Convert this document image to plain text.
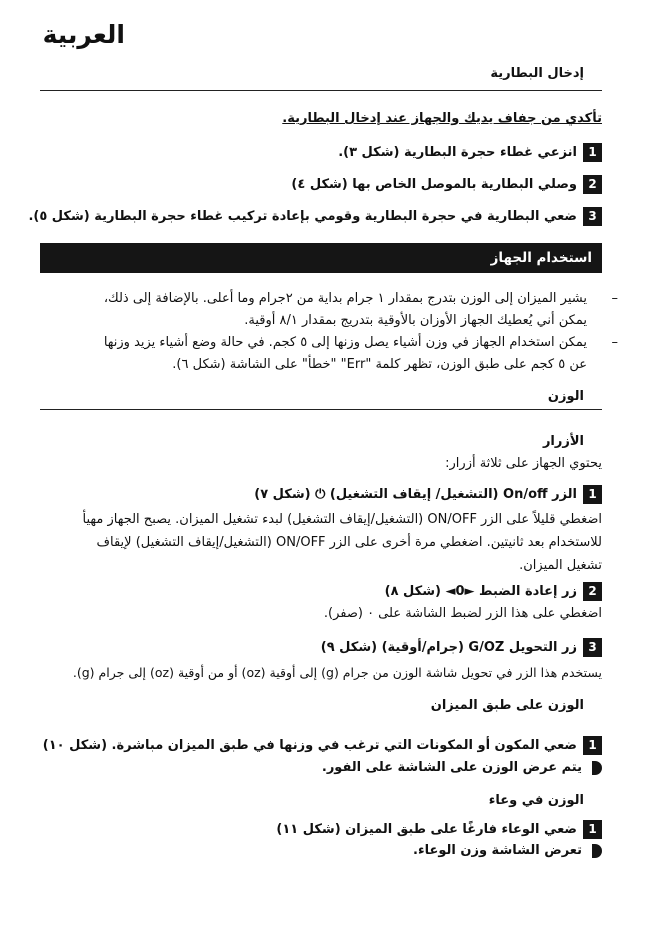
العربية
إدخال البطارية
تأكدي من جفاف يديك والجهاز عند إدخال البطارية.
1انزعي غطاء حجرة البطارية (شكل ٣).
2وصلي البطارية بالموصل الخاص بها (شكل ٤)
3ضعي البطارية في حجرة البطارية وقومي بإعادة تركيب غطاء حجرة البطارية (شكل ٥).
استخدام الجهاز
–
يشير الميزان إلى الوزن بتدرج بمقدار ١ جرام بداية من ٢جرام وما أعلى. بالإضافة إلى ذلك،
يمكن أني يُعطيك الجهاز الأوزان بالأوقية بتدريج بمقدار ٨/١ أوقية.
–
يمكن استخدام الجهاز في وزن أشياء يصل وزنها إلى ٥ كجم. في حالة وضع أشياء يزيد وزنها
عن ٥ كجم على طبق الوزن، تظهر كلمة "Err" "خطأ" على الشاشة (شكل ٦).
الوزن
الأزرار
يحتوي الجهاز على ثلاثة أزرار:
1الزر On/off (التشغيل/ إيقاف التشغيل) ⏻ (شكل ٧)
اضغطي قليلاً على الزر ON/OFF (التشغيل/إيقاف التشغيل) لبدء تشغيل الميزان. يصبح الجهاز مهيأ
للاستخدام بعد ثانيتين. اضغطي مرة أخرى على الزر ON/OFF (التشغيل/إيقاف التشغيل) لإيقاف
تشغيل الميزان.
2زر إعادة الضبط ►0◄ (شكل ٨)
اضغطي على هذا الزر لضبط الشاشة على ٠ (صفر).
3زر التحويل G/OZ (جرام/أوقية) (شكل ٩)
يستخدم هذا الزر في تحويل شاشة الوزن من جرام (g) إلى أوقية (oz) أو من أوقية (oz) إلى جرام (g).
الوزن على طبق الميزان
1ضعي المكون أو المكونات التي ترغب في وزنها في طبق الميزان مباشرة. (شكل ١٠)
يتم عرض الوزن على الشاشة على الفور.
الوزن في وعاء
1ضعي الوعاء فارغًا على طبق الميزان (شكل ١١)
تعرض الشاشة وزن الوعاء.
